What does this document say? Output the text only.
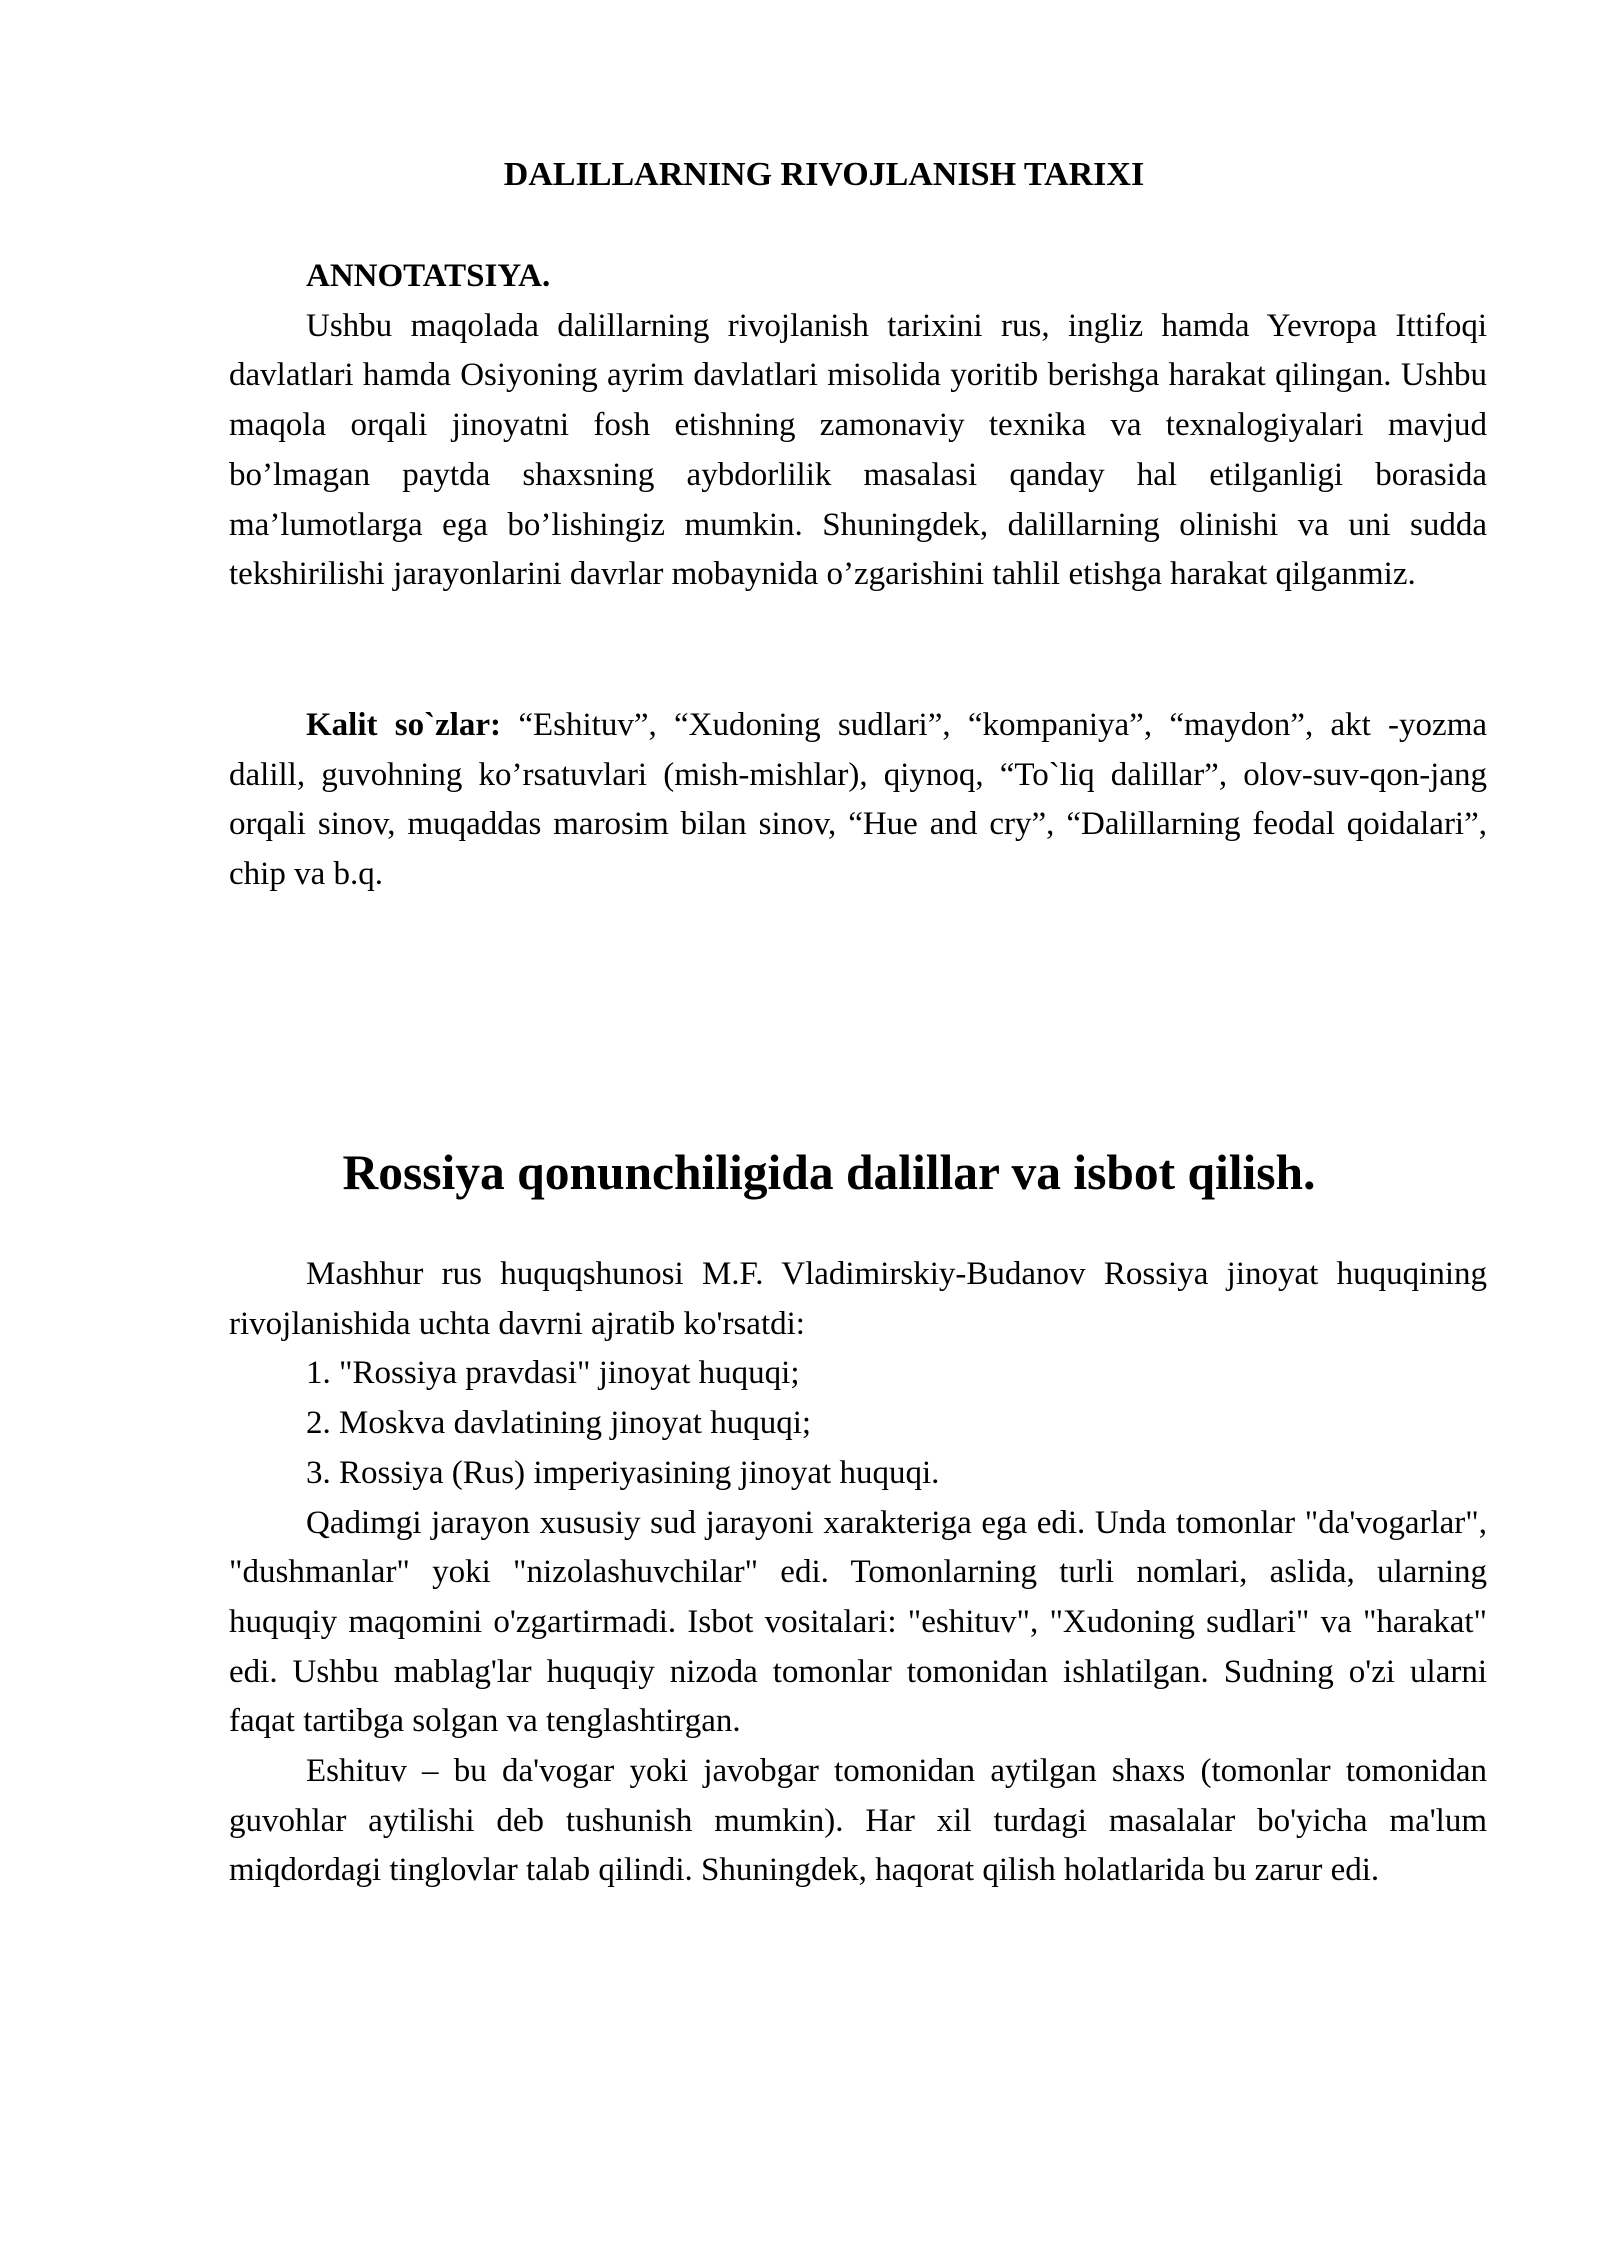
DALILLARNING RIVOJLANISH TARIXI

ANNOTATSIYA.

Ushbu maqolada dalillarning rivojlanish tarixini rus, ingliz hamda Yevropa Ittifoqi davlatlari hamda Osiyoning ayrim davlatlari misolida yoritib berishga harakat qilingan. Ushbu maqola orqali jinoyatni fosh etishning zamonaviy texnika va texnalogiyalari mavjud bo’lmagan paytda shaxsning aybdorlilik masalasi qanday hal etilganligi borasida ma’lumotlarga ega bo’lishingiz mumkin. Shuningdek, dalillarning olinishi va uni sudda tekshirilishi jarayonlarini davrlar mobaynida o’zgarishini tahlil etishga harakat qilganmiz.

Kalit so`zlar: “Eshituv”, “Xudoning sudlari”, “kompaniya”, “maydon”, akt -yozma dalill, guvohning ko’rsatuvlari (mish-mishlar), qiynoq, “To`liq dalillar”, olov-suv-qon-jang orqali sinov, muqaddas marosim bilan sinov, “Hue and cry”, “Dalillarning feodal qoidalari”, chip va b.q.

Rossiya qonunchiligida dalillar va isbot qilish.

Mashhur rus huquqshunosi M.F. Vladimirskiy-Budanov Rossiya jinoyat huquqining rivojlanishida uchta davrni ajratib ko'rsatdi:

1. "Rossiya pravdasi" jinoyat huquqi;

2. Moskva davlatining jinoyat huquqi;

3. Rossiya (Rus) imperiyasining jinoyat huquqi.

Qadimgi jarayon xususiy sud jarayoni xarakteriga ega edi. Unda tomonlar "da'vogarlar", "dushmanlar" yoki "nizolashuvchilar" edi. Tomonlarning turli nomlari, aslida, ularning huquqiy maqomini o'zgartirmadi. Isbot vositalari: "eshituv", "Xudoning sudlari" va "harakat" edi. Ushbu mablag'lar huquqiy nizoda tomonlar tomonidan ishlatilgan. Sudning o'zi ularni faqat tartibga solgan va tenglashtirgan.

Eshituv – bu da'vogar yoki javobgar tomonidan aytilgan shaxs (tomonlar tomonidan guvohlar aytilishi deb tushunish mumkin). Har xil turdagi masalalar bo'yicha ma'lum miqdordagi tinglovlar talab qilindi. Shuningdek, haqorat qilish holatlarida bu zarur edi.
